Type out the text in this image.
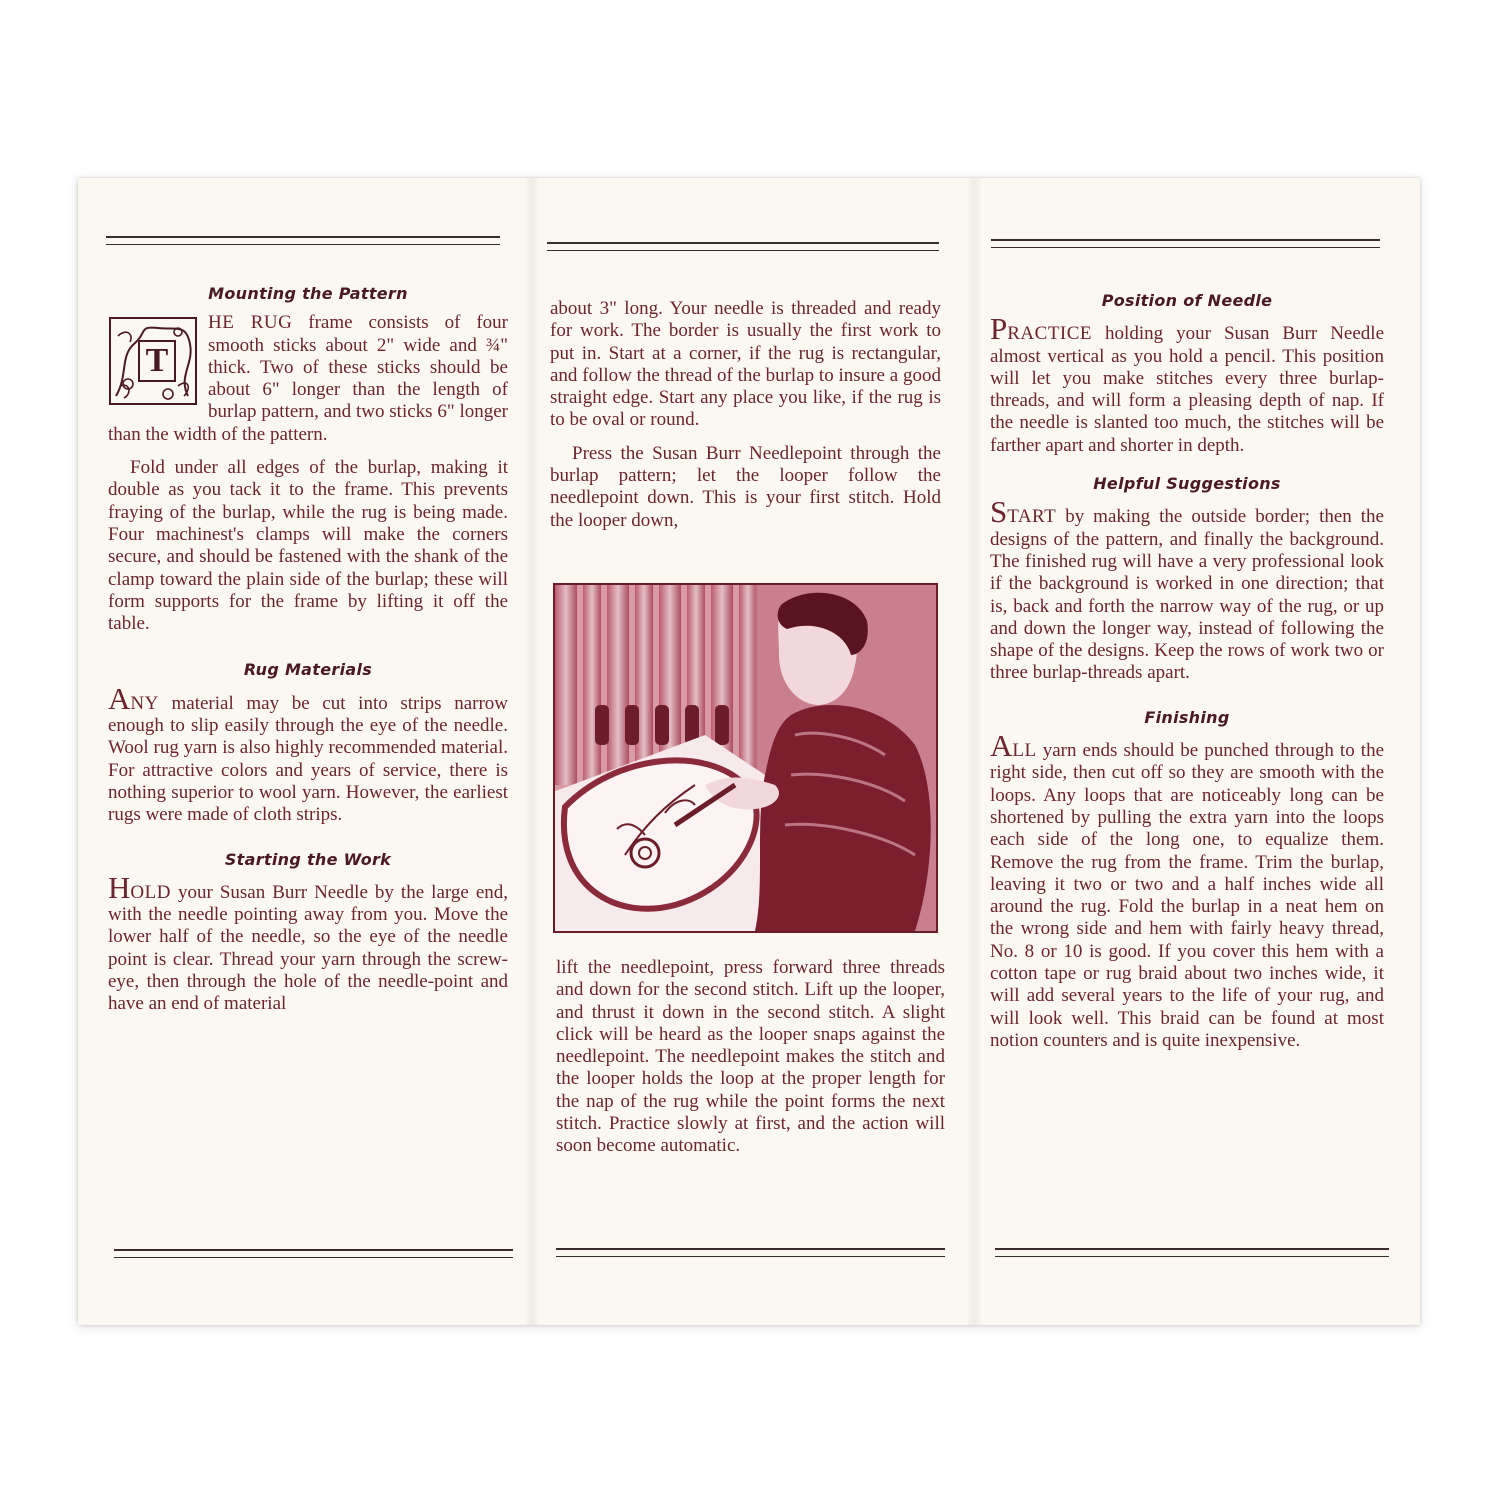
Mounting the Pattern

T
HE RUG frame consists of four smooth sticks about 2" wide and ¾" thick. Two of these sticks should be about 6" longer than the length of burlap pattern, and two sticks 6" longer than the width of the pattern.

Fold under all edges of the burlap, making it double as you tack it to the frame. This prevents fraying of the burlap, while the rug is being made. Four machinest's clamps will make the corners secure, and should be fastened with the shank of the clamp toward the plain side of the burlap; these will form supports for the frame by lifting it off the table.

Rug Materials

ANY material may be cut into strips narrow enough to slip easily through the eye of the needle. Wool rug yarn is also highly recommended material. For attractive colors and years of service, there is nothing superior to wool yarn. However, the earliest rugs were made of cloth strips.

Starting the Work

HOLD your Susan Burr Needle by the large end, with the needle pointing away from you. Move the lower half of the needle, so the eye of the needle point is clear. Thread your yarn through the screw-eye, then through the hole of the needle-point and have an end of material

about 3" long. Your needle is threaded and ready for work. The border is usually the first work to put in. Start at a corner, if the rug is rectangular, and follow the thread of the burlap to insure a good straight edge. Start any place you like, if the rug is to be oval or round.

Press the Susan Burr Needlepoint through the burlap pattern; let the looper follow the needlepoint down. This is your first stitch. Hold the looper down,

lift the needlepoint, press forward three threads and down for the second stitch. Lift up the looper, and thrust it down in the second stitch. A slight click will be heard as the looper snaps against the needlepoint. The needlepoint makes the stitch and the looper holds the loop at the proper length for the nap of the rug while the point forms the next stitch. Practice slowly at first, and the action will soon become automatic.

Position of Needle

PRACTICE holding your Susan Burr Needle almost vertical as you hold a pencil. This position will let you make stitches every three burlap-threads, and will form a pleasing depth of nap. If the needle is slanted too much, the stitches will be farther apart and shorter in depth.

Helpful Suggestions

START by making the outside border; then the designs of the pattern, and finally the background. The finished rug will have a very professional look if the background is worked in one direction; that is, back and forth the narrow way of the rug, or up and down the longer way, instead of following the shape of the designs. Keep the rows of work two or three burlap-threads apart.

Finishing

ALL yarn ends should be punched through to the right side, then cut off so they are smooth with the loops. Any loops that are noticeably long can be shortened by pulling the extra yarn into the loops each side of the long one, to equalize them. Remove the rug from the frame. Trim the burlap, leaving it two or two and a half inches wide all around the rug. Fold the burlap in a neat hem on the wrong side and hem with fairly heavy thread, No. 8 or 10 is good. If you cover this hem with a cotton tape or rug braid about two inches wide, it will add several years to the life of your rug, and will look well. This braid can be found at most notion counters and is quite inexpensive.
